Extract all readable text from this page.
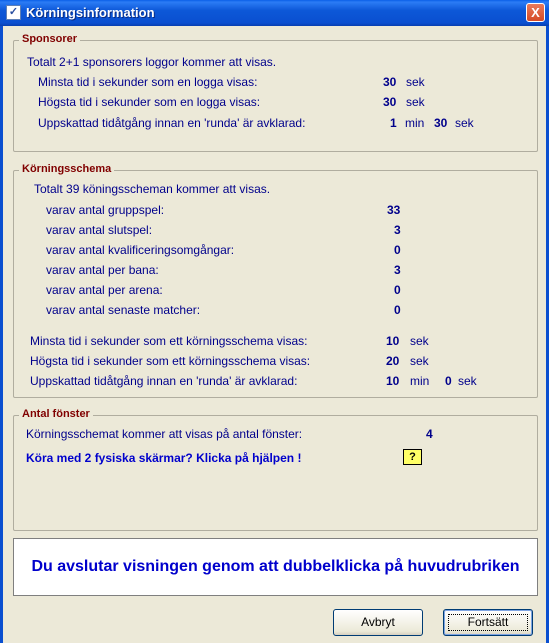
✓ Körningsinformation	X
Sponsorer
Totalt 2+1 sponsorers loggor kommer att visas.
Minsta tid i sekunder som en logga visas:	30 sek
Högsta tid i sekunder som en logga visas:	30 sek
Uppskattad tidåtgång innan en 'runda' är avklarad:	1 min 30 sek
Körningsschema
Totalt 39 köningsscheman kommer att visas.
varav antal gruppspel:	33
varav antal slutspel:	3
varav antal kvalificeringsomgångar:	0
varav antal per bana:	3
varav antal per arena:	0
varav antal senaste matcher:	0
Minsta tid i sekunder som ett körningsschema visas:	10 sek
Högsta tid i sekunder som ett körningsschema visas:	20 sek
Uppskattad tidåtgång innan en 'runda' är avklarad:	10 min 0 sek
Antal fönster
Körningsschemat kommer att visas på antal fönster:	4
Köra med 2 fysiska skärmar? Klicka på hjälpen !	?
Du avslutar visningen genom att dubbelklicka på huvudrubriken
Avbryt	Fortsätt
